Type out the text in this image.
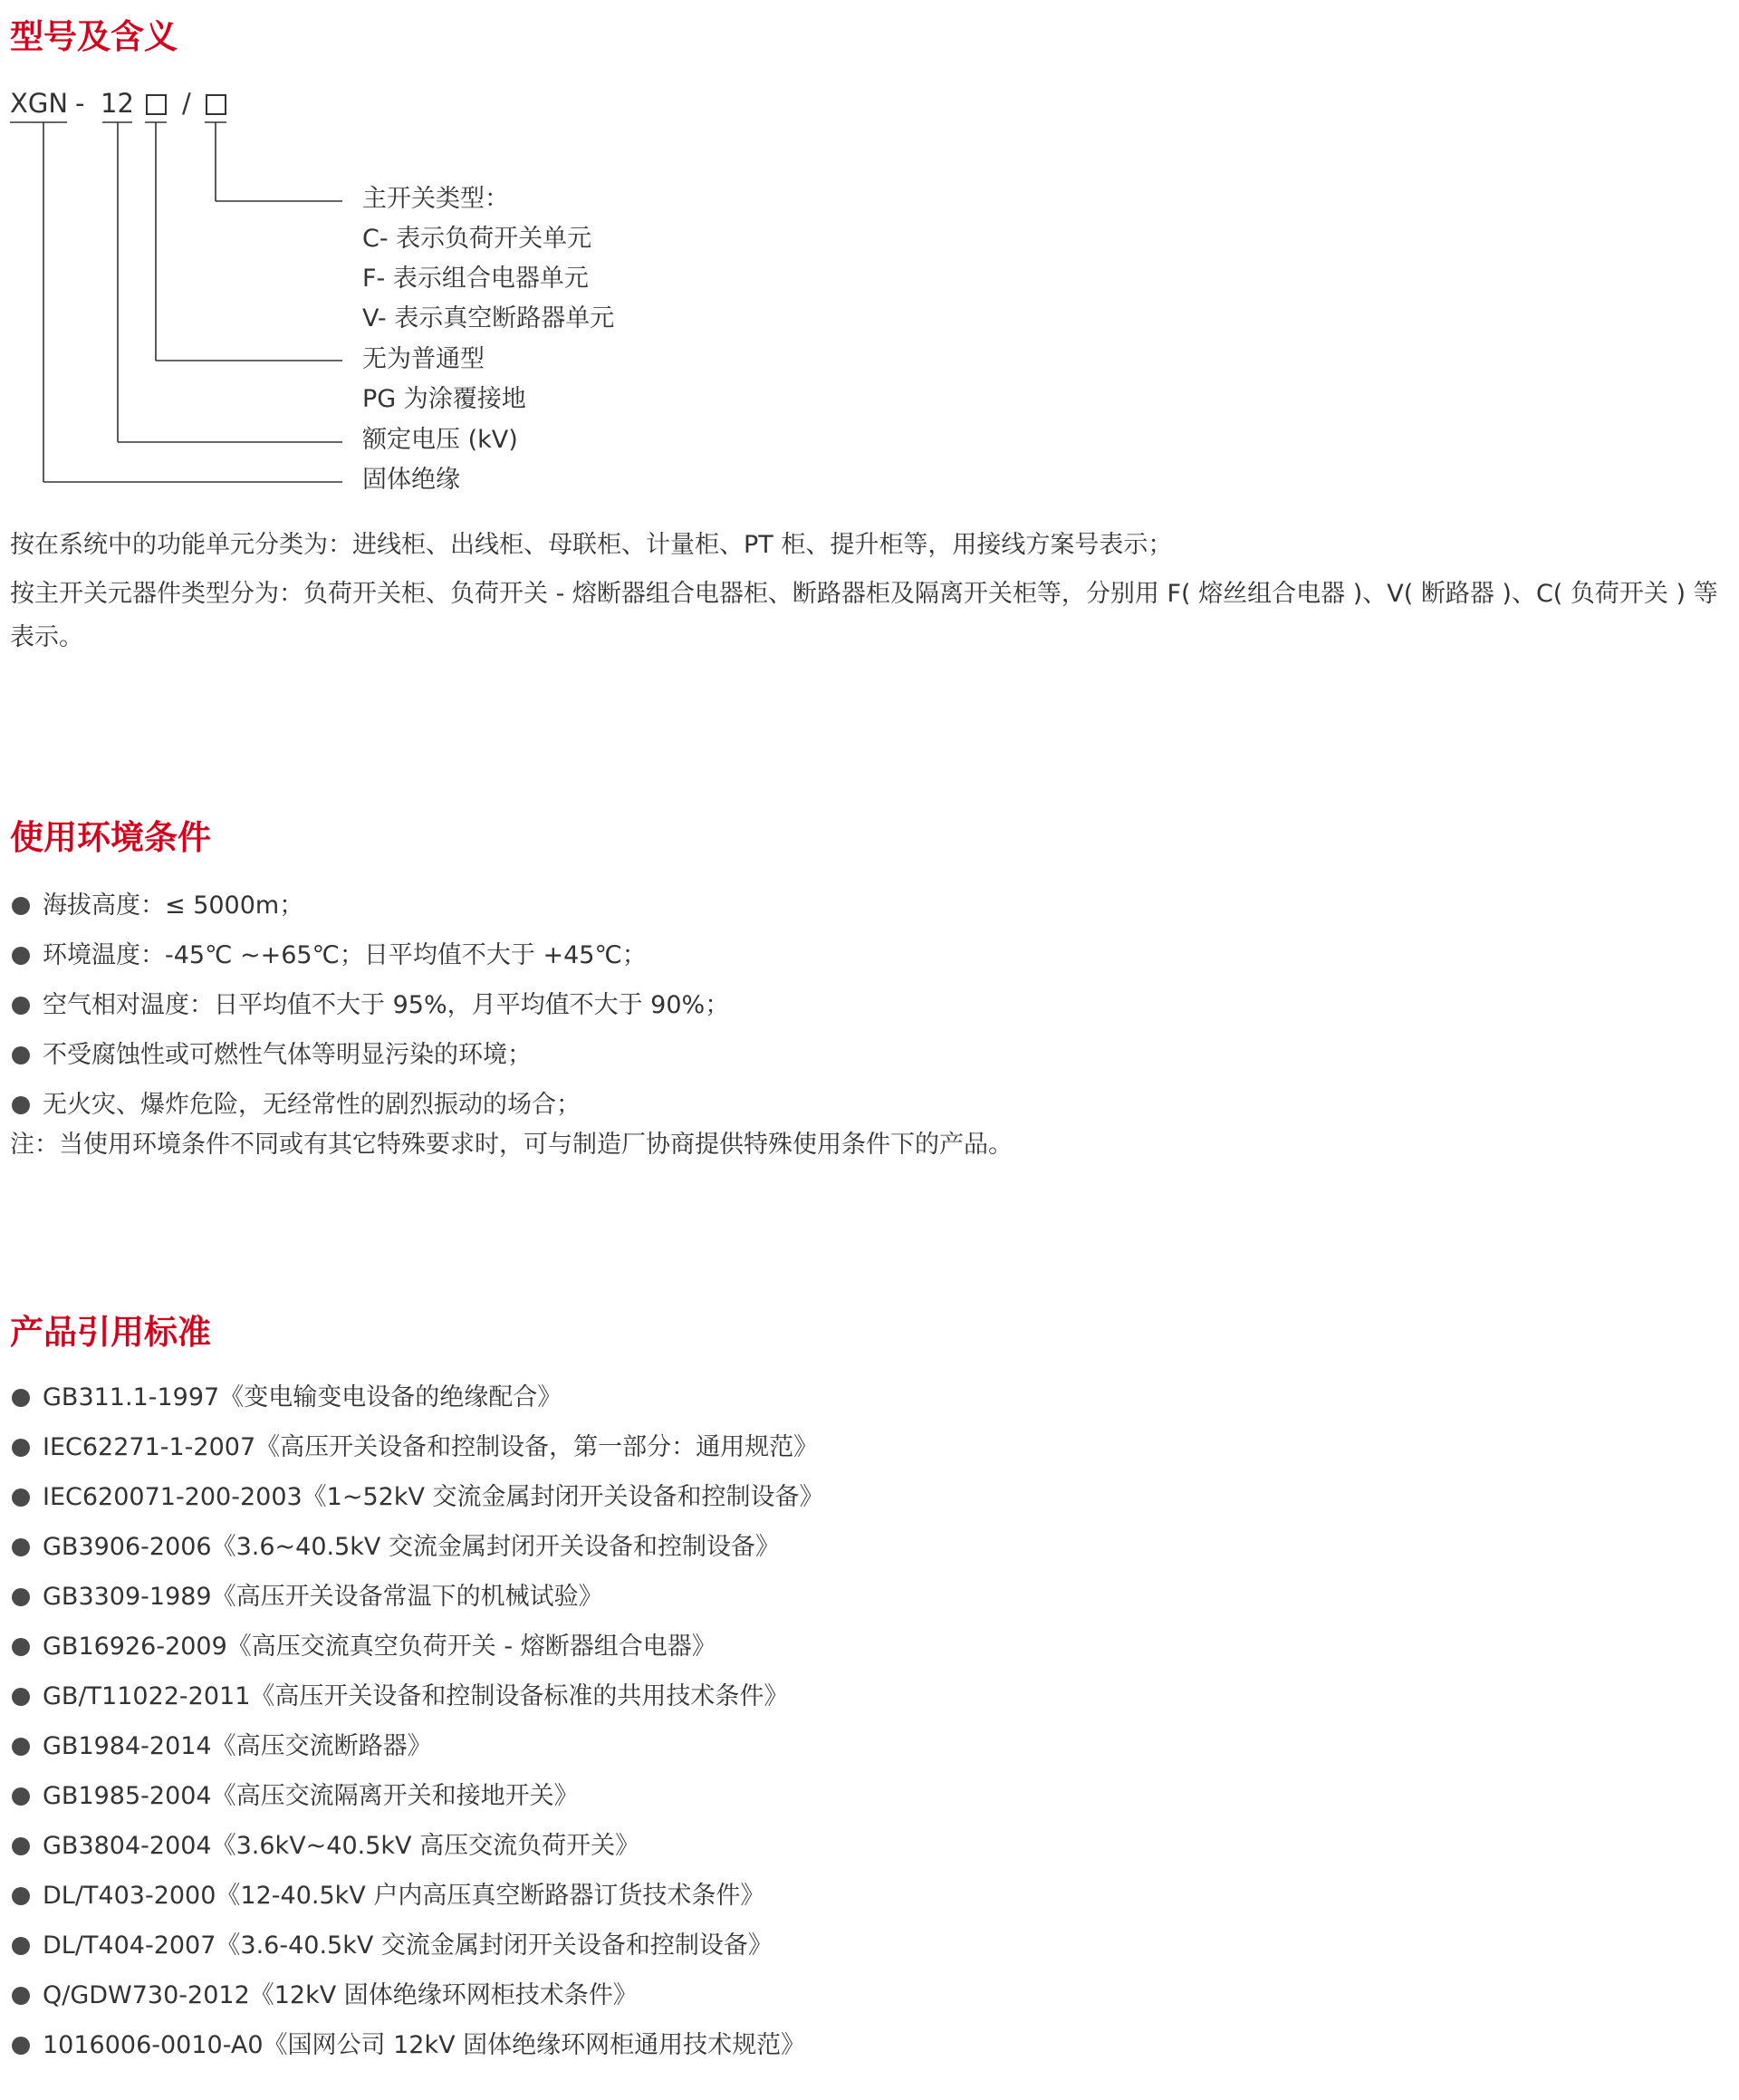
型号及含义
XGN - 12 /
主开关类型：
C- 表示负荷开关单元
F- 表示组合电器单元
V- 表示真空断路器单元
无为普通型
PG 为涂覆接地
额定电压 (kV)
固体绝缘

按在系统中的功能单元分类为：进线柜、出线柜、母联柜、计量柜、PT 柜、提升柜等，用接线方案号表示；

按主开关元器件类型分为：负荷开关柜、负荷开关 - 熔断器组合电器柜、断路器柜及隔离开关柜等，分别用 F( 熔丝组合电器 )、V( 断路器 )、C( 负荷开关 ) 等表示。

使用环境条件
海拔高度：≤ 5000m；
环境温度：-45℃ ~+65℃；日平均值不大于 +45℃；
空气相对温度：日平均值不大于 95%，月平均值不大于 90%；
不受腐蚀性或可燃性气体等明显污染的环境；
无火灾、爆炸危险，无经常性的剧烈振动的场合；
注：当使用环境条件不同或有其它特殊要求时，可与制造厂协商提供特殊使用条件下的产品。
产品引用标准
GB311.1-1997《变电输变电设备的绝缘配合》
IEC62271-1-2007《高压开关设备和控制设备，第一部分：通用规范》
IEC620071-200-2003《1~52kV 交流金属封闭开关设备和控制设备》
GB3906-2006《3.6~40.5kV 交流金属封闭开关设备和控制设备》
GB3309-1989《高压开关设备常温下的机械试验》
GB16926-2009《高压交流真空负荷开关 - 熔断器组合电器》
GB/T11022-2011《高压开关设备和控制设备标准的共用技术条件》
GB1984-2014《高压交流断路器》
GB1985-2004《高压交流隔离开关和接地开关》
GB3804-2004《3.6kV~40.5kV 高压交流负荷开关》
DL/T403-2000《12-40.5kV 户内高压真空断路器订货技术条件》
DL/T404-2007《3.6-40.5kV 交流金属封闭开关设备和控制设备》
Q/GDW730-2012《12kV 固体绝缘环网柜技术条件》
1016006-0010-A0《国网公司 12kV 固体绝缘环网柜通用技术规范》
